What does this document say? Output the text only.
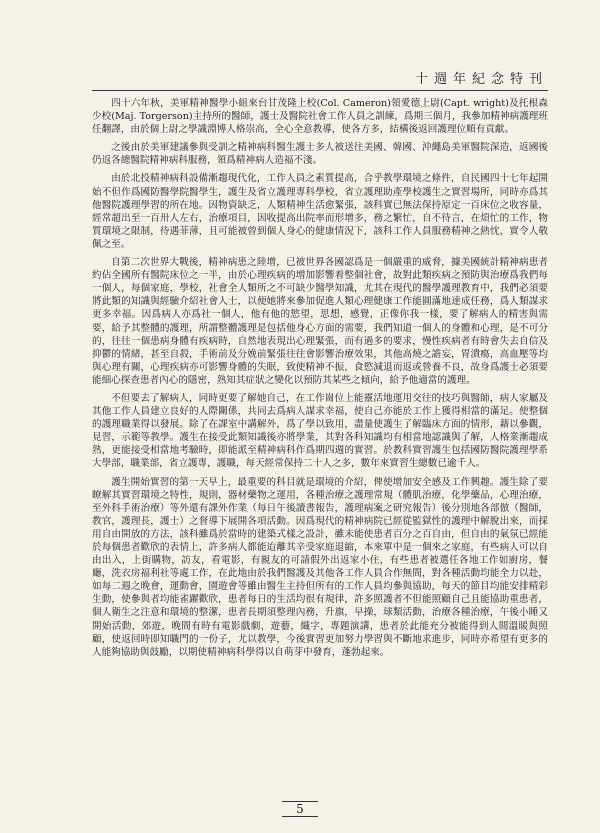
十週年紀念特刊

四十六年秋，美軍精神醫學小組來台甘茂隆上校(Col. Cameron)領愛德上尉(Capt. wright)及托根森少校(Maj. Torgerson)主持所的醫師，護士及醫院社會工作人員之訓練，爲期三個月，我參加精神病護理班任翻譯，由於個上尉之學識淵博人格崇高，全心全意教導，使各方多，結構後返回護理位順有貢獻。

之後由於美軍建議參與受訓之精神病科醫生護士多人被送往美國、韓國、沖繩島美軍醫院深造，返國後仍返各總醫院精神病科服務，領爲精神病人造福不淺。

由於北投精神病科設備漸趨現代化，工作人員之素質提高，合乎教學環境之條件，自民國四十七年起開始不但作爲國防醫學院醫學生，護生及省立護理專科學校，省立護理助產學校護生之實習場所，同時亦爲其他醫院護理學習的所在地。因物資缺乏，人類精神生活愈緊張，該科實已無法保持原定一百床位之收容量，經常超出至一百卅人左右，治療項目，因收提高出院率而形增多，務之繁忙，自不待言，在煩忙的工作，物質環境之限制，待遇菲薄，且可能被曾到個人身心的健康情況下，該科工作人員服務精神之熱忱，實令人敬佩之至。

自第二次世界大戰後，精神病患之陸增，已被世界各國認爲是一個嚴重的威脅，據美國統計精神病患者約佔全國所有醫院床位之一半，由於心理疾病的增加影響着整個社會，故對此類疾病之預防與治療爲我們每一個人，每個家庭，學校，社會全人類所之不可缺少醫學知識，尤其在現代的醫學護理教育中，我們必須要將此類的知識與經驗介紹社會人士，以便她將來參加促進人類心理健康工作能圓滿地達成任務，爲人類謀求更多幸福。因爲病人亦爲社一個人，他有他的慾望，思想，感覺，正像你我一樣，要了解病人的精害與需要，給予其整體的護理，所謂整體護理是包括他身心方面的需要，我們知道一個人的身體和心理，是不可分的，往往一個患病身體有疾病時，自然地表現出心理緊張，而有過多的要求，慢性疾病者有時會失去自信及抑鬱的情緒，甚至自殺，手術前及分娩前緊張往往會影響治療效果，其他高燒之譫妄，胃潰瘍，高血壓等均與心理有關，心理疾病亦可影響身體的失眠，致使精神不振，食慾減退而返或營養不良，故身爲護士必須要能細心探查患者內心的隱密，熟知其症狀之變化以預防其某些之傾向，給予他適當的護理。

不但要去了解病人，同時更要了解她自己，在工作崗位上能靈活地運用交往的技巧與醫師，病人家屬及其他工作人員建立良好的人際關係，共同去爲病人謀求幸福，使自己亦能於工作上獲得相當的滿足。使整個的護理職業得以發展。除了在課室中講解外，爲了學以致用，盡量使護生了解臨床方面的情形，藉以參觀，見習，示範等教學。護生在接受此類知識後亦將學業，其對各科知識均有相當地認識與了解，人格業漸趨成熟，更能接受相當地考驗時，即能派至精神病科作爲期四週的實習。於教科實習護生包括國防醫院護理學系大學部，職業部，省立護專，護職，每天經常保持二十人之多，數年來實習生總數已逾千人。

護生開始實習的第一天早上，最重要的科目就是環境的介紹，俾使增加安全感及工作興趣。護生除了要瞭解其實習環境之特性，規則，器材藥物之運用，各種治療之護理常規（體肌治療，化學藥品，心理治療，至外科手術治療）等外還有課外作業（每日午後讀書報告，護理病案之研究報告）後分別地各部倣（醫師，教官，護理長，護士）之督導下展開各項活動。因爲現代的精神病院已經從監獄性的護理中解脫出來，而採用自由開放的方法，該科雖爲於當時的建築式樣之設計，雖未能使患者百分之百自由，但自由的氣氛已經能於每個患者歡欣的表情上，許多病人都能迨離其辛受家庭退縮，本來單中是一個來之家庭，有些病人可以自由出入，上街購物，訪友，看電影，有親友的可請假外出返家小住，有些患者被選任各地工作如廚房，餐廳，洗衣房福利社等處工作，在此地由於我們醫護及其他各工作人員合作無間，對各種活動均能全力以赴，如每二週之晚會，運動會，園遊會等雖由醫生主持但所有的工作人員均參與協助，每天的節目均能安排精彩生動，使參與者均能雀躍歡欣，患者每日的生活均很有規律，許多照護者不但能照顧自己且能協助重患者，個人衛生之注意和環境的整潔，患者長期須整理內務，升旗，早操，球類活動，治療各種治療，午後小睡又開始活動，郊遊，晚間有時有電影戲劇，遊藝，織字，專題演講，患者於此能充分被能得到人間溫暖與照顧，使返回時即知職門的一份子，尤以教學，今後實習更加努力學習與不斷地求進步，同時亦希望有更多的人能夠協助與鼓勵，以期使精神病科學得以自萌芽中發育，蓬勃起來。

5
